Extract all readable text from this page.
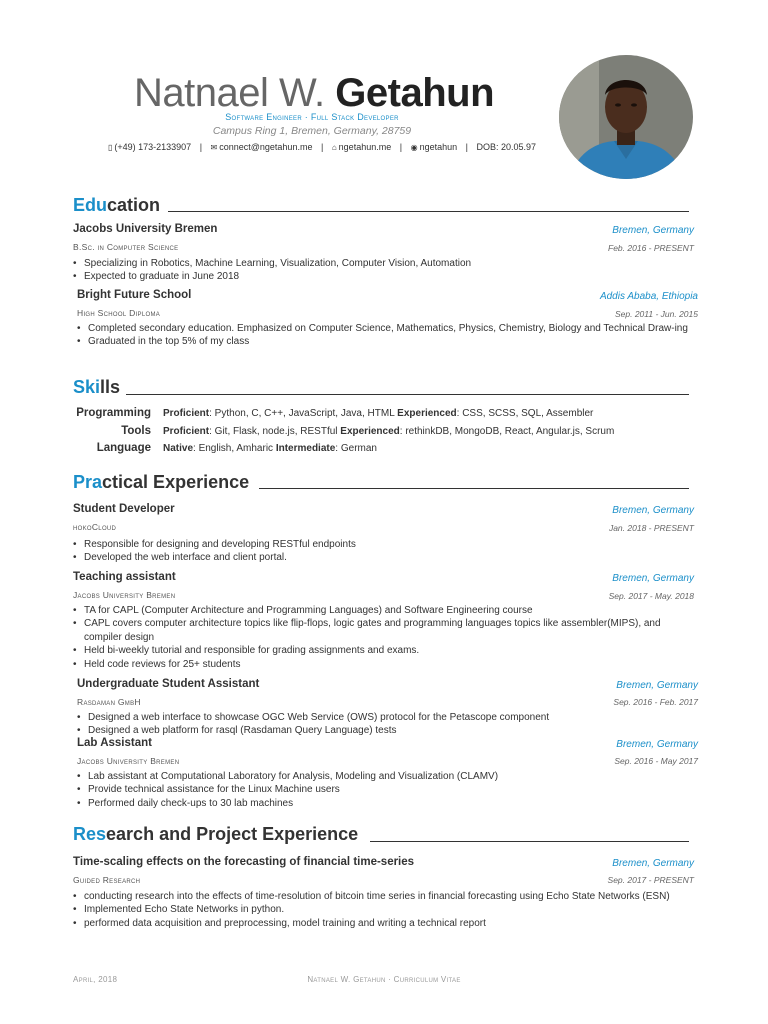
Natnael W. Getahun
Software Engineer · Full Stack Developer
Campus Ring 1, Bremen, Germany, 28759
▯ (+49) 173-2133907 | ✉ connect@ngetahun.me | ⌂ ngetahun.me | ◉ ngetahun | DOB: 20.05.97
Education
Jacobs University Bremen	Bremen, Germany
B.Sc. in Computer Science	Feb. 2016 - PRESENT
• Specializing in Robotics, Machine Learning, Visualization, Computer Vision, Automation
• Expected to graduate in June 2018
Bright Future School	Addis Ababa, Ethiopia
High School Diploma	Sep. 2011 - Jun. 2015
• Completed secondary education. Emphasized on Computer Science, Mathematics, Physics, Chemistry, Biology and Technical Draw-ing
• Graduated in the top 5% of my class
Skills
Programming Proficient: Python, C, C++, JavaScript, Java, HTML Experienced: CSS, SCSS, SQL, Assembler
Tools Proficient: Git, Flask, node.js, RESTful Experienced: rethinkDB, MongoDB, React, Angular.js, Scrum
Language Native: English, Amharic Intermediate: German
Practical Experience
Student Developer	Bremen, Germany
hokoCloud	Jan. 2018 - PRESENT
• Responsible for designing and developing RESTful endpoints
• Developed the web interface and client portal.
Teaching assistant	Bremen, Germany
Jacobs University Bremen	Sep. 2017 - May. 2018
• TA for CAPL (Computer Architecture and Programming Languages) and Software Engineering course
• CAPL covers computer architecture topics like flip-flops, logic gates and programming languages topics like assembler(MIPS), and compiler design
• Held bi-weekly tutorial and responsible for grading assignments and exams.
• Held code reviews for 25+ students
Undergraduate Student Assistant	Bremen, Germany
Rasdaman GmbH	Sep. 2016 - Feb. 2017
• Designed a web interface to showcase OGC Web Service (OWS) protocol for the Petascope component
• Designed a web platform for rasql (Rasdaman Query Language) tests
Lab Assistant	Bremen, Germany
Jacobs University Bremen	Sep. 2016 - May 2017
• Lab assistant at Computational Laboratory for Analysis, Modeling and Visualization (CLAMV)
• Provide technical assistance for the Linux Machine users
• Performed daily check-ups to 30 lab machines
Research and Project Experience
Time-scaling effects on the forecasting of financial time-series	Bremen, Germany
Guided Research	Sep. 2017 - PRESENT
• conducting research into the effects of time-resolution of bitcoin time series in financial forecasting using Echo State Networks (ESN)
• Implemented Echo State Networks in python.
• performed data acquisition and preprocessing, model training and writing a technical report
April, 2018	Natnael W. Getahun · Curriculum Vitae
